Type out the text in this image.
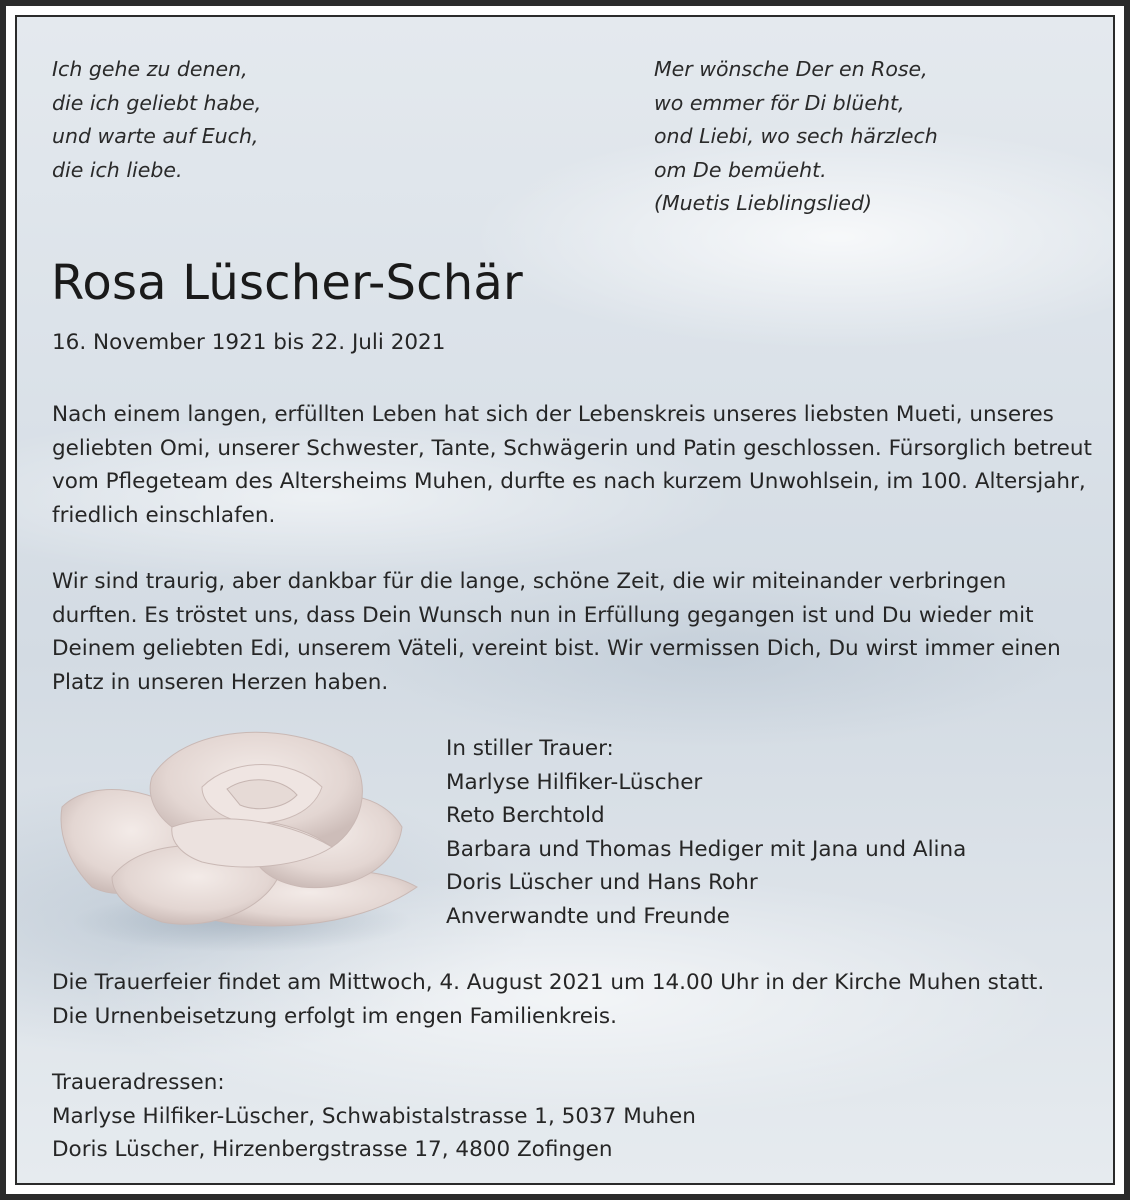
Ich gehe zu denen,

die ich geliebt habe,

und warte auf Euch,

die ich liebe.

Mer wönsche Der en Rose,

wo emmer för Di blüeht,

ond Liebi, wo sech härzlech

om De bemüeht.

(Muetis Lieblingslied)

Rosa Lüscher-Schär

16. November 1921 bis 22. Juli 2021

Nach einem langen, erfüllten Leben hat sich der Lebenskreis unseres liebsten Mueti, unseres geliebten Omi, unserer Schwester, Tante, Schwägerin und Patin geschlossen. Fürsorglich betreut vom Pflegeteam des Altersheims Muhen, durfte es nach kurzem Unwohlsein, im 100. Altersjahr, friedlich einschlafen.

Wir sind traurig, aber dankbar für die lange, schöne Zeit, die wir miteinander verbringen durften. Es tröstet uns, dass Dein Wunsch nun in Erfüllung gegangen ist und Du wieder mit Deinem geliebten Edi, unserem Väteli, vereint bist. Wir vermissen Dich, Du wirst immer einen Platz in unseren Herzen haben.

In stiller Trauer:

Marlyse Hilfiker-Lüscher

Reto Berchtold

Barbara und Thomas Hediger mit Jana und Alina

Doris Lüscher und Hans Rohr

Anverwandte und Freunde

Die Trauerfeier findet am Mittwoch, 4. August 2021 um 14.00 Uhr in der Kirche Muhen statt.

Die Urnenbeisetzung erfolgt im engen Familienkreis.

Traueradressen:

Marlyse Hilfiker-Lüscher, Schwabistalstrasse 1, 5037 Muhen

Doris Lüscher, Hirzenbergstrasse 17, 4800 Zofingen
